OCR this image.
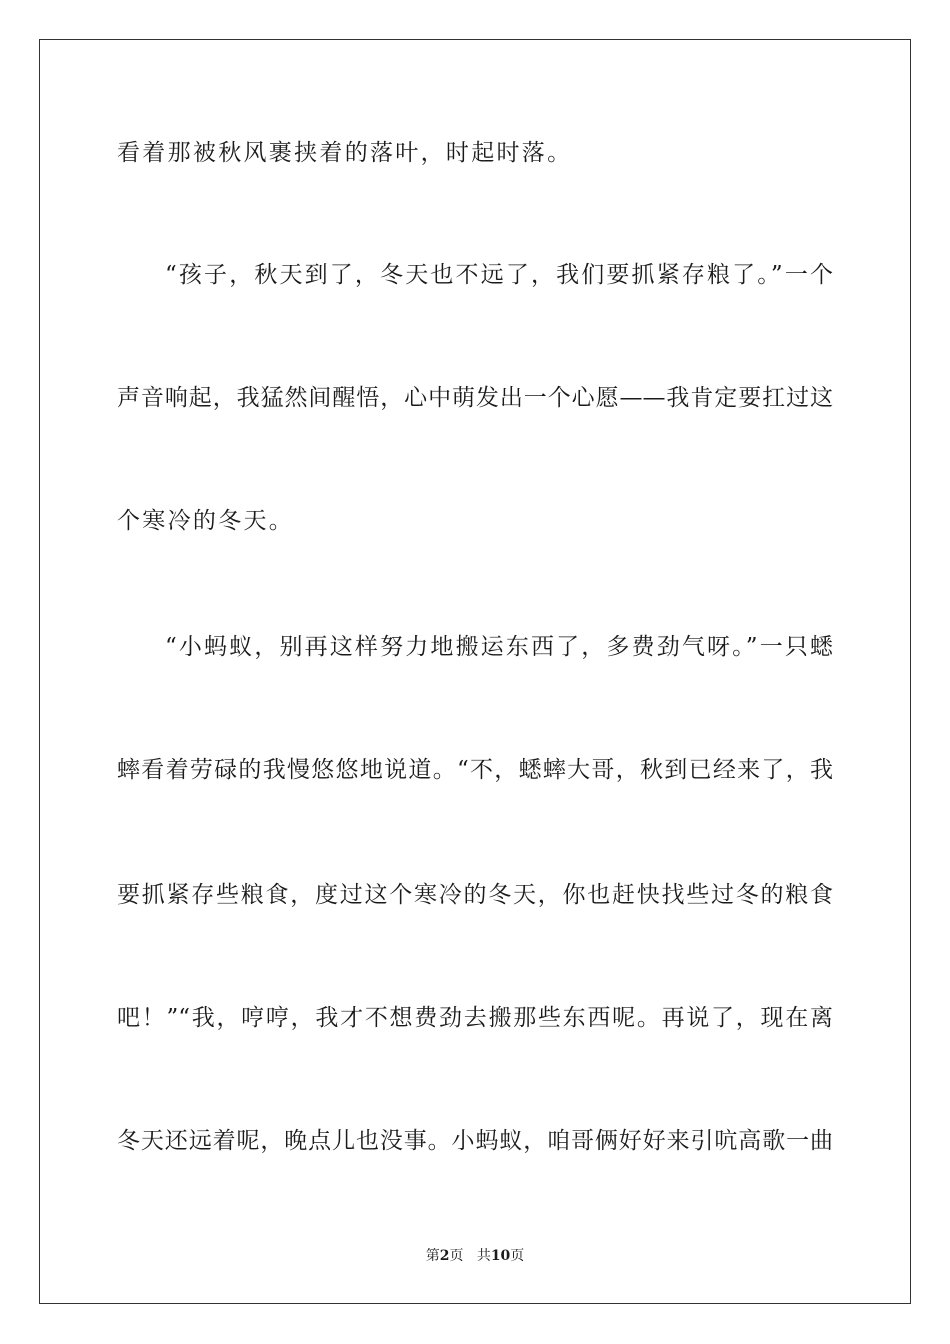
看着那被秋风裹挟着的落叶，时起时落。
“孩子，秋天到了，冬天也不远了，我们要抓紧存粮了。”一个
声音响起，我猛然间醒悟，心中萌发出一个心愿——我肯定要扛过这
个寒冷的冬天。
“小蚂蚁，别再这样努力地搬运东西了，多费劲气呀。”一只蟋
蟀看着劳碌的我慢悠悠地说道。“不，蟋蟀大哥，秋到已经来了，我
要抓紧存些粮食，度过这个寒冷的冬天，你也赶快找些过冬的粮食
吧！”“我，哼哼，我才不想费劲去搬那些东西呢。再说了，现在离
冬天还远着呢，晚点儿也没事。小蚂蚁，咱哥俩好好来引吭高歌一曲
第2页 共10页
